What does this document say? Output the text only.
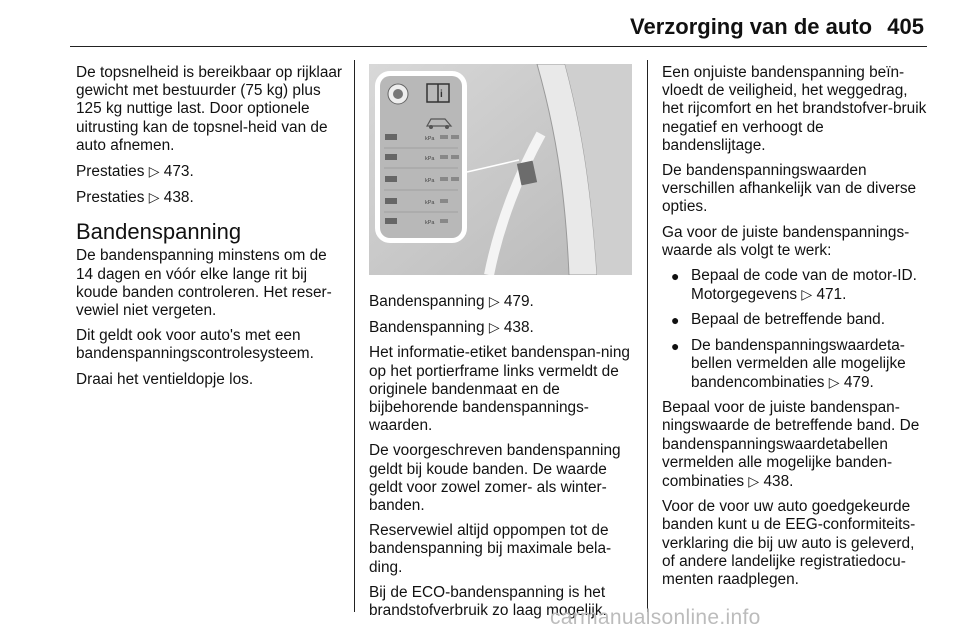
Verzorging van de auto 405

De topsnelheid is bereikbaar op rijklaar gewicht met bestuurder (75 kg) plus 125 kg nuttige last. Door optionele uitrusting kan de topsnel-heid van de auto afnemen.

Prestaties ▷ 473.

Prestaties ▷ 438.

Bandenspanning

De bandenspanning minstens om de 14 dagen en vóór elke lange rit bij koude banden controleren. Het reser-vewiel niet vergeten.

Dit geldt ook voor auto's met een bandenspanningscontrolesysteem.

Draai het ventieldopje los.

i
kPa
kPa
kPa
kPa
kPa

Bandenspanning ▷ 479.

Bandenspanning ▷ 438.

Het informatie-etiket bandenspan-ning op het portierframe links vermeldt de originele bandenmaat en de bijbehorende bandenspannings-waarden.

De voorgeschreven bandenspanning geldt bij koude banden. De waarde geldt voor zowel zomer- als winter-banden.

Reservewiel altijd oppompen tot de bandenspanning bij maximale bela-ding.

Bij de ECO-bandenspanning is het brandstofverbruik zo laag mogelijk.

Een onjuiste bandenspanning beïn-vloedt de veiligheid, het weggedrag, het rijcomfort en het brandstofver-bruik negatief en verhoogt de bandenslijtage.

De bandenspanningswaarden verschillen afhankelijk van de diverse opties.

Ga voor de juiste bandenspannings-waarde als volgt te werk:

● Bepaal de code van de motor-ID. Motorgegevens ▷ 471.
● Bepaal de betreffende band.
● De bandenspanningswaardeta-bellen vermelden alle mogelijke bandencombinaties ▷ 479.

Bepaal voor de juiste bandenspan-ningswaarde de betreffende band. De bandenspanningswaardetabellen vermelden alle mogelijke banden-combinaties ▷ 438.

Voor de voor uw auto goedgekeurde banden kunt u de EEG-conformiteits-verklaring die bij uw auto is geleverd, of andere landelijke registratiedocu-menten raadplegen.

carmanualsonline.info
